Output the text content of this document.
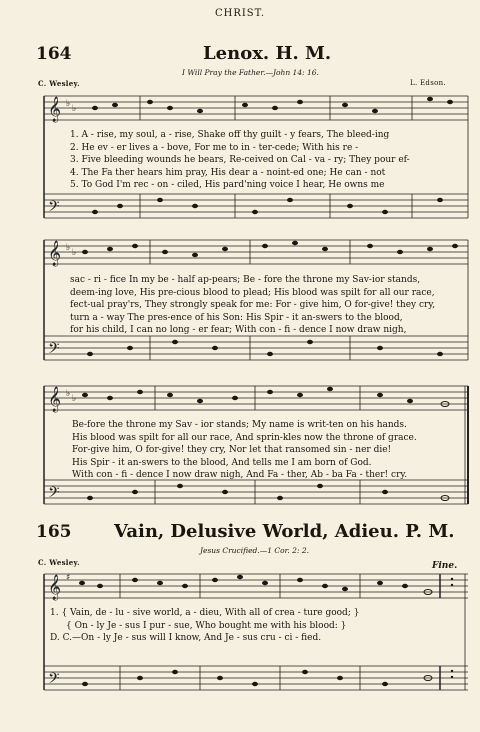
CHRIST.
164	Lenox. H. M.
I Will Pray the Father.—John 14: 16.
C. Wesley.	L. Edson.
𝄞
𝄢
♭ ♭
1. A - rise, my soul, a - rise, Shake off thy guilt - y fears, The bleed-ing
2. He ev - er lives a - bove, For me to in - ter-cede; With his re -
3. Five bleeding wounds he bears, Re-ceived on Cal - va - ry; They pour ef-
4. The Fa ther hears him pray, His dear a - noint-ed one; He can - not
5. To God I'm rec - on - ciled, His pard'ning voice I hear, He owns me
𝄞
𝄢
♭ ♭
sac - ri - fice In my be - half ap-pears; Be - fore the throne my Sav-ior stands,
deem-ing love, His pre-cious blood to plead; His blood was spilt for all our race,
fect-ual pray'rs, They strongly speak for me: For - give him, O for-give! they cry,
turn a - way The pres-ence of his Son: His Spir - it an-swers to the blood,
for his child, I can no long - er fear; With con - fi - dence I now draw nigh,
𝄞
𝄢
♭ ♭
Be-fore the throne my Sav - ior stands; My name is writ-ten on his hands.
His blood was spilt for all our race, And sprin-kles now the throne of grace.
For-give him, O for-give! they cry, Nor let that ransomed sin - ner die!
His Spir - it an-swers to the blood, And tells me I am born of God.
With con - fi - dence I now draw nigh, And Fa - ther, Ab - ba Fa - ther! cry.
165 Vain, Delusive World, Adieu. P. M.
Jesus Crucified.—1 Cor. 2: 2.
C. Wesley.	Fine.
𝄞
𝄢
♯
1. { Vain, de - lu - sive world, a - dieu, With all of crea - ture good; }
{ On - ly Je - sus I pur - sue, Who bought me with his blood: }
D. C.—On - ly Je - sus will I know, And Je - sus cru - ci - fied.
